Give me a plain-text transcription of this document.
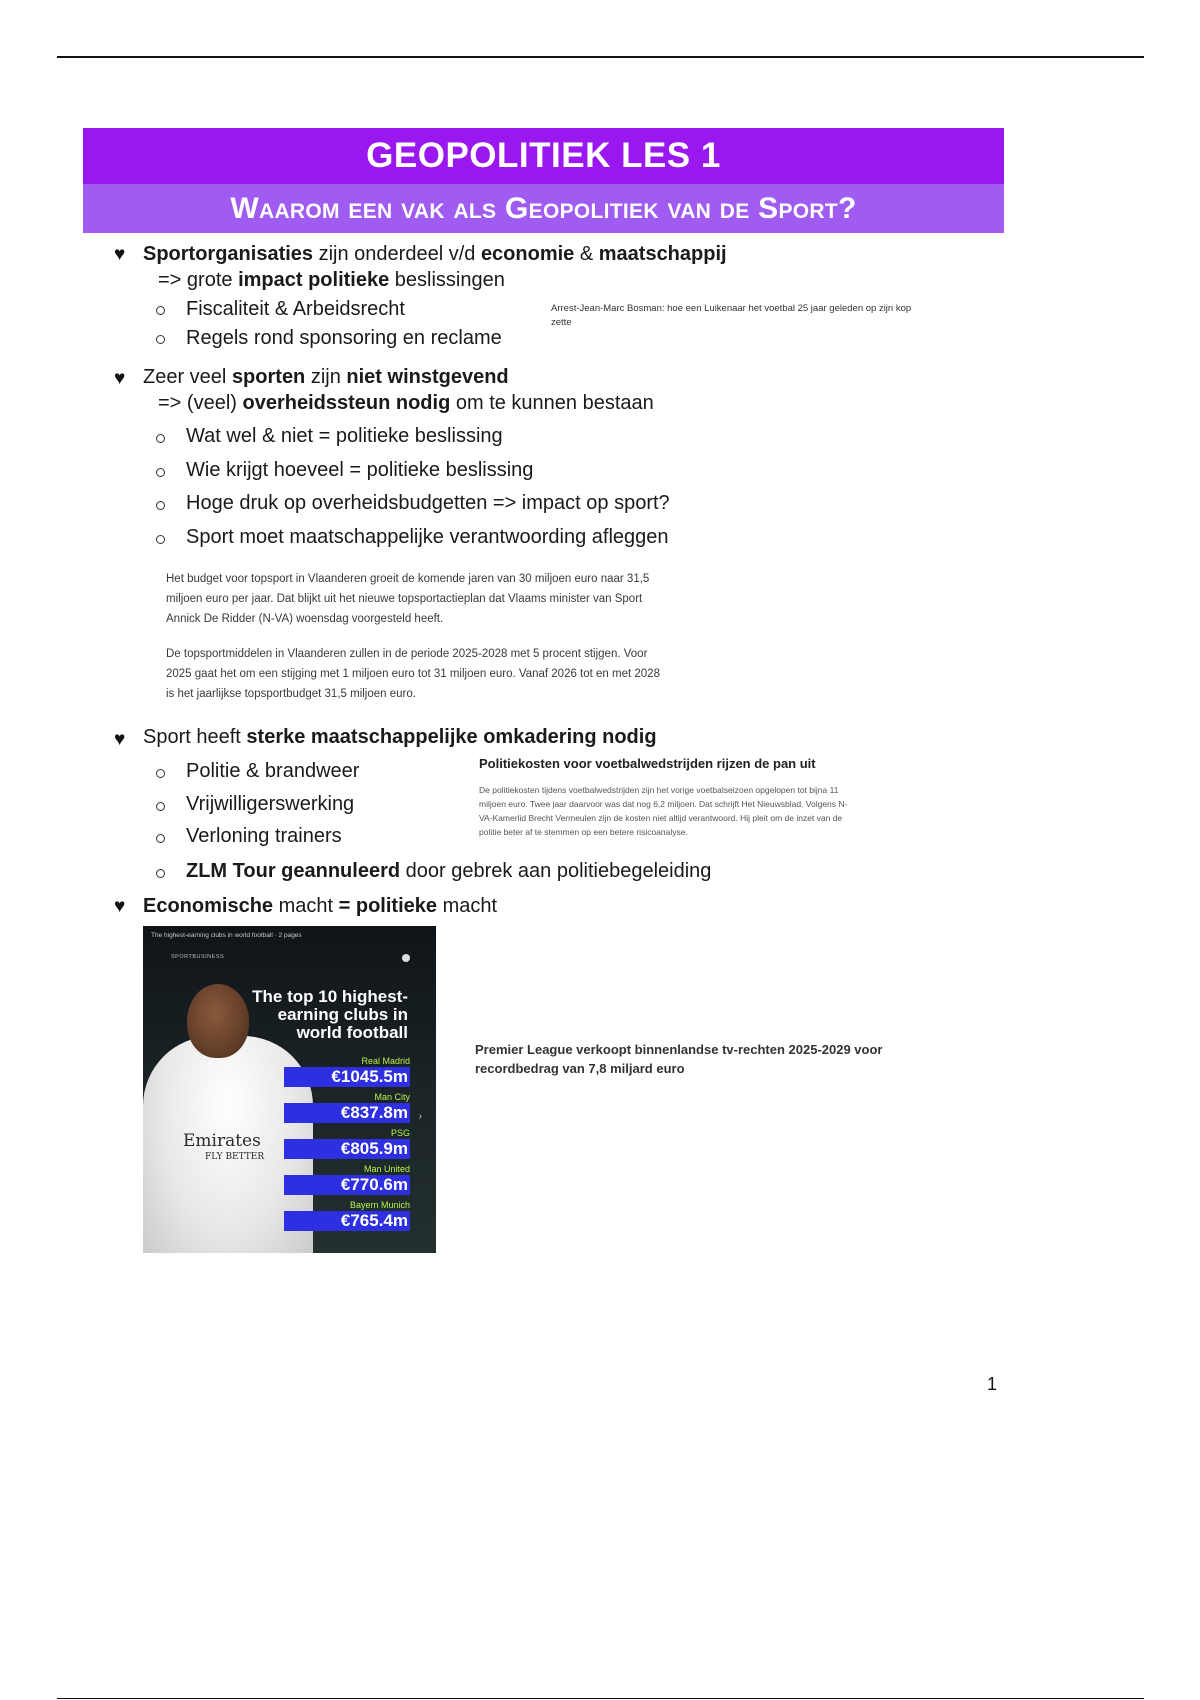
GEOPOLITIEK LES 1
Waarom een vak als Geopolitiek van de Sport?
♥ Sportorganisaties zijn onderdeel v/d economie & maatschappij
=> grote impact politieke beslissingen
Fiscaliteit & Arbeidsrecht
Regels rond sponsoring en reclame
Arrest-Jean-Marc Bosman: hoe een Luikenaar het voetbal 25 jaar geleden op zijn kop zette
♥ Zeer veel sporten zijn niet winstgevend
=> (veel) overheidssteun nodig om te kunnen bestaan
Wat wel & niet = politieke beslissing
Wie krijgt hoeveel = politieke beslissing
Hoge druk op overheidsbudgetten => impact op sport?
Sport moet maatschappelijke verantwoording afleggen
Het budget voor topsport in Vlaanderen groeit de komende jaren van 30 miljoen euro naar 31,5 miljoen euro per jaar. Dat blijkt uit het nieuwe topsportactieplan dat Vlaams minister van Sport Annick De Ridder (N-VA) woensdag voorgesteld heeft.
De topsportmiddelen in Vlaanderen zullen in de periode 2025-2028 met 5 procent stijgen. Voor 2025 gaat het om een stijging met 1 miljoen euro tot 31 miljoen euro. Vanaf 2026 tot en met 2028 is het jaarlijkse topsportbudget 31,5 miljoen euro.
♥ Sport heeft sterke maatschappelijke omkadering nodig
Politie & brandweer
Vrijwilligerswerking
Verloning trainers
ZLM Tour geannuleerd door gebrek aan politiebegeleiding
Politiekosten voor voetbalwedstrijden rijzen de pan uit
De politiekosten tijdens voetbalwedstrijden zijn het vorige voetbalseizoen opgelopen tot bijna 11 miljoen euro. Twee jaar daarvoor was dat nog 6,2 miljoen. Dat schrijft Het Nieuwsblad. Volgens N-VA-Kamerlid Brecht Vermeulen zijn de kosten niet altijd verantwoord. Hij pleit om de inzet van de politie beter af te stemmen op een betere risicoanalyse.
♥ Economische macht = politieke macht
The highest-earning clubs in world football · 2 pages
SPORTBUSINESS
Emirates
FLY BETTER
The top 10 highest-earning clubs in world football
Real Madrid
€1045.5m
Man City
€837.8m
PSG
€805.9m
Man United
€770.6m
Bayern Munich
€765.4m
›
Premier League verkoopt binnenlandse tv-rechten 2025-2029 voor recordbedrag van 7,8 miljard euro
1
